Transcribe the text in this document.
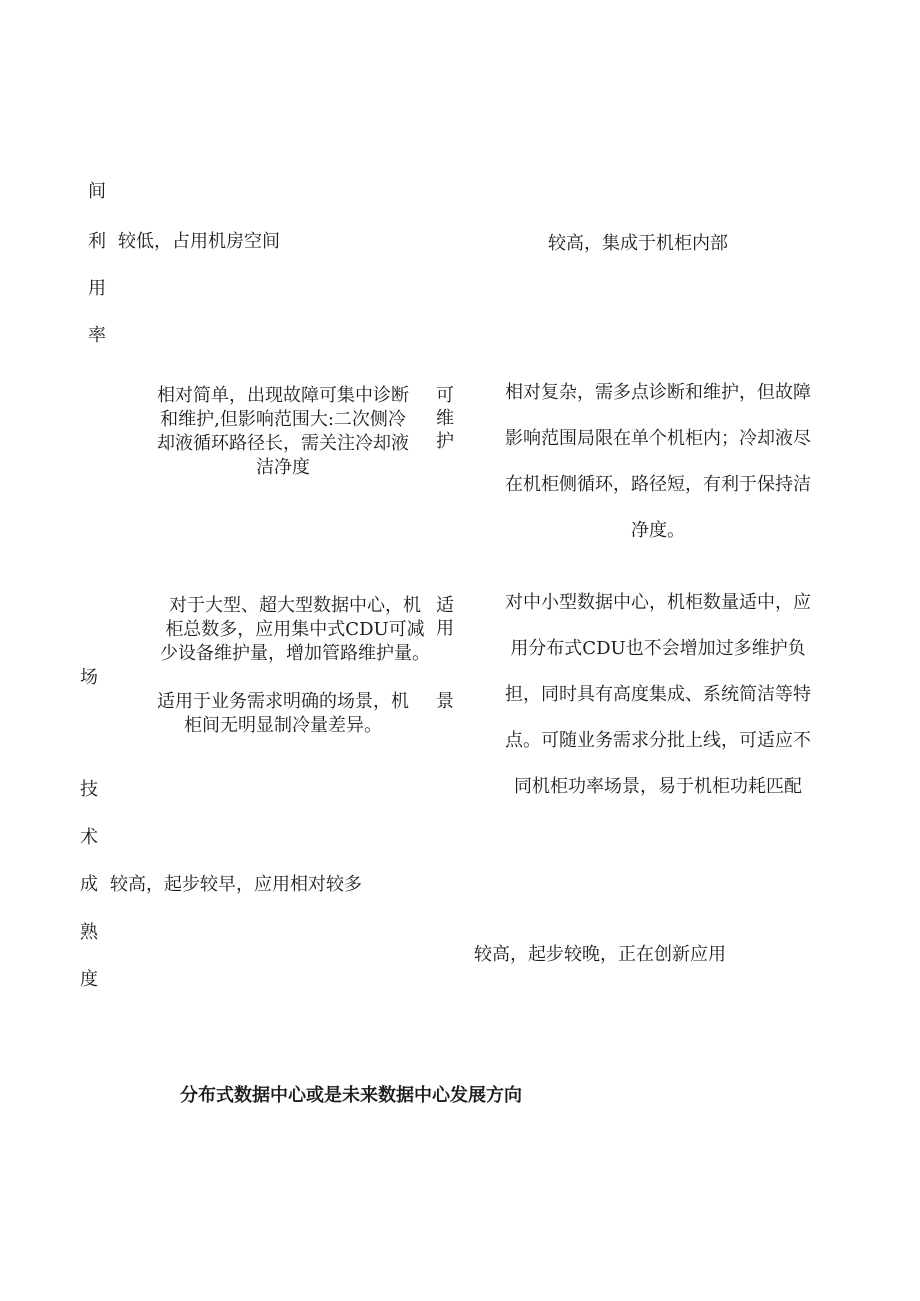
间
利
用
率
较低，占用机房空间	较高，集成于机柜内部
相对简单，出现故障可集中诊断
和维护,但影响范围大:二次侧冷
却液循环路径长，需关注冷却液
洁净度
可
维
护
相对复杂，需多点诊断和维护，但故障
影响范围局限在单个机柜内；冷却液尽
在机柜侧循环，路径短，有利于保持洁
净度。
对于大型、超大型数据中心，机
柜总数多，应用集中式CDU可减
少设备维护量，增加管路维护量。
适用于业务需求明确的场景，机
柜间无明显制冷量差异。
适
用
景
场
对中小型数据中心，机柜数量适中，应
用分布式CDU也不会增加过多维护负
担，同时具有高度集成、系统简洁等特
点。可随业务需求分批上线，可适应不
同机柜功率场景，易于机柜功耗匹配
技
术
成
熟
度
较高，起步较早，应用相对较多
较高，起步较晚，正在创新应用
分布式数据中心或是未来数据中心发展方向
